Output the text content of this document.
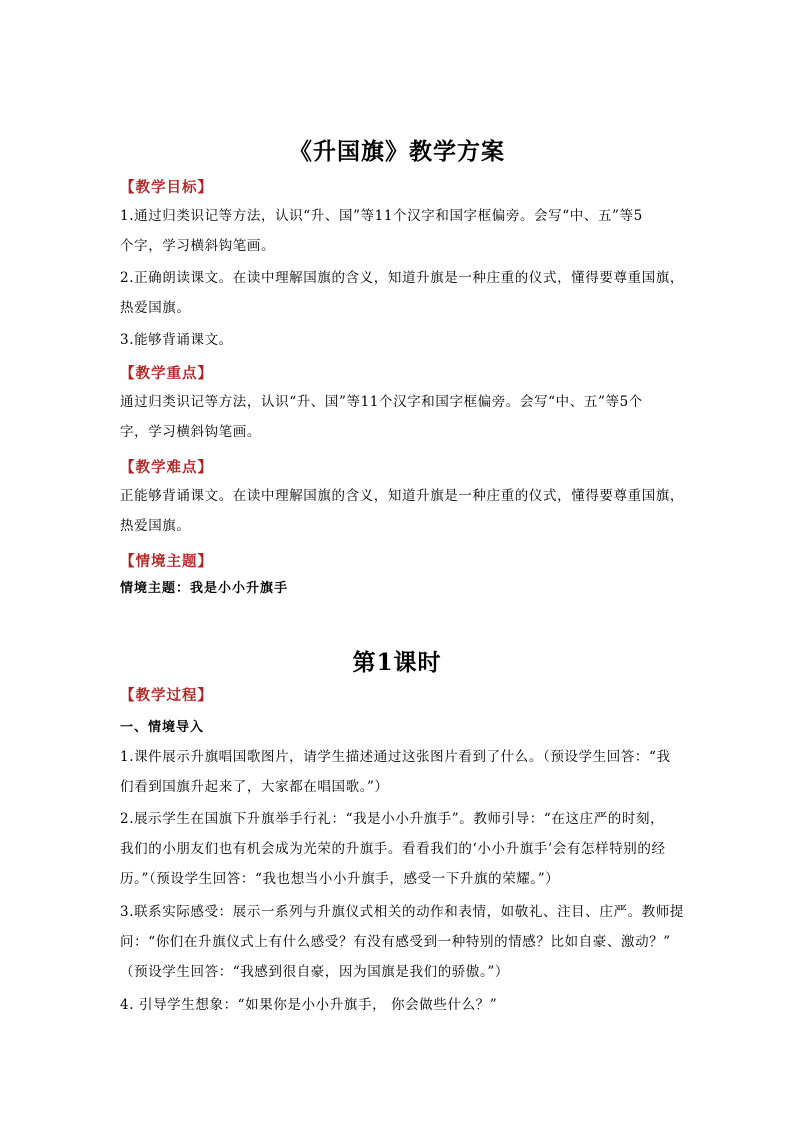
《升国旗》教学方案
【教学目标】
1.通过归类识记等方法，认识“升、国”等11个汉字和国字框偏旁。会写“中、五”等5
个字，学习横斜钩笔画。
2.正确朗读课文。在读中理解国旗的含义，知道升旗是一种庄重的仪式，懂得要尊重国旗，
热爱国旗。
3.能够背诵课文。
【教学重点】
通过归类识记等方法，认识“升、国”等11个汉字和国字框偏旁。会写“中、五”等5个
字，学习横斜钩笔画。
【教学难点】
正能够背诵课文。在读中理解国旗的含义，知道升旗是一种庄重的仪式，懂得要尊重国旗，
热爱国旗。
【情境主题】
情境主题：我是小小升旗手
第1课时
【教学过程】
一、情境导入
1.课件展示升旗唱国歌图片，请学生描述通过这张图片看到了什么。（预设学生回答：“我
们看到国旗升起来了，大家都在唱国歌。”）
2.展示学生在国旗下升旗举手行礼：“我是小小升旗手”。教师引导：“在这庄严的时刻，
我们的小朋友们也有机会成为光荣的升旗手。看看我们的‘小小升旗手’会有怎样特别的经
历。”（预设学生回答：“我也想当小小升旗手，感受一下升旗的荣耀。”）
3.联系实际感受：展示一系列与升旗仪式相关的动作和表情，如敬礼、注目、庄严。教师提
问：“你们在升旗仪式上有什么感受？有没有感受到一种特别的情感？比如自豪、激动？”
（预设学生回答：“我感到很自豪，因为国旗是我们的骄傲。”）
4. 引导学生想象：“如果你是小小升旗手， 你会做些什么？”
